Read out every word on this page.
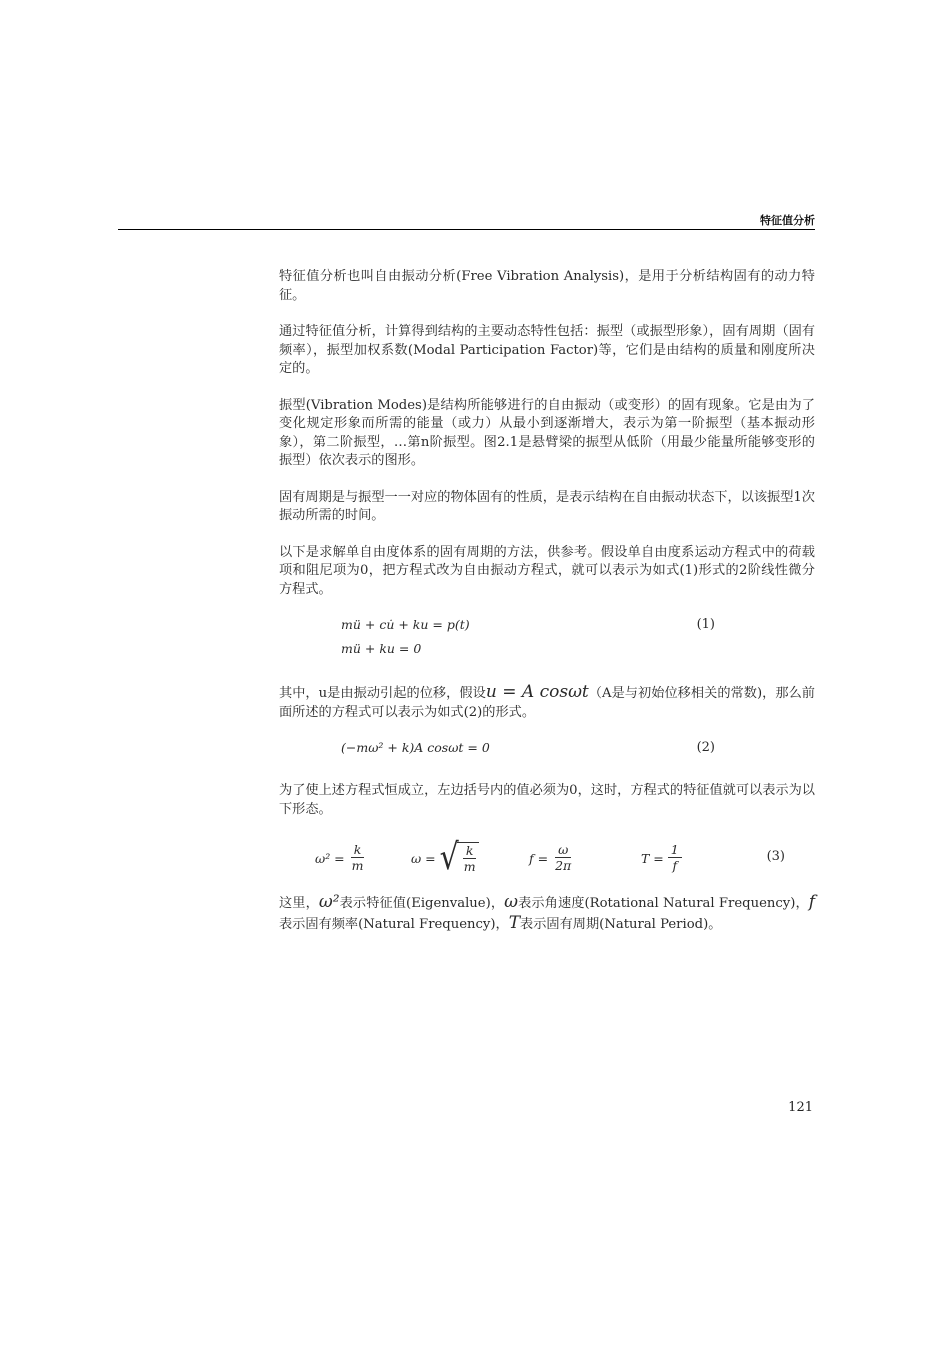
特征值分析

特征值分析也叫自由振动分析(Free Vibration Analysis)，是用于分析结构固有的动力特征。

通过特征值分析，计算得到结构的主要动态特性包括：振型（或振型形象），固有周期（固有频率），振型加权系数(Modal Participation Factor)等，它们是由结构的质量和刚度所决定的。

振型(Vibration Modes)是结构所能够进行的自由振动（或变形）的固有现象。它是由为了变化规定形象而所需的能量（或力）从最小到逐渐增大，表示为第一阶振型（基本振动形象），第二阶振型，…第n阶振型。图2.1是悬臂梁的振型从低阶（用最少能量所能够变形的振型）依次表示的图形。

固有周期是与振型一一对应的物体固有的性质，是表示结构在自由振动状态下，以该振型1次振动所需的时间。

以下是求解单自由度体系的固有周期的方法，供参考。假设单自由度系运动方程式中的荷载项和阻尼项为0，把方程式改为自由振动方程式，就可以表示为如式(1)形式的2阶线性微分方程式。

mü + cu̇ + ku = p(t)	(1)
mü + ku = 0

其中，u是由振动引起的位移，假设u = A cosωt（A是与初始位移相关的常数)，那么前面所述的方程式可以表示为如式(2)的形式。

(−mω² + k)A cosωt = 0	(2)

为了使上述方程式恒成立，左边括号内的值必须为0，这时，方程式的特征值就可以表示为以下形态。

$\omega^2 = \frac{k}{m}$	ω = √ $\frac{k}{m}$	$f = \frac{\omega}{2\pi}$	$T = \frac{1}{f}$	(3)

这里，ω²表示特征值(Eigenvalue)，ω表示角速度(Rotational Natural Frequency)，f表示固有频率(Natural Frequency)，T表示固有周期(Natural Period)。

121
